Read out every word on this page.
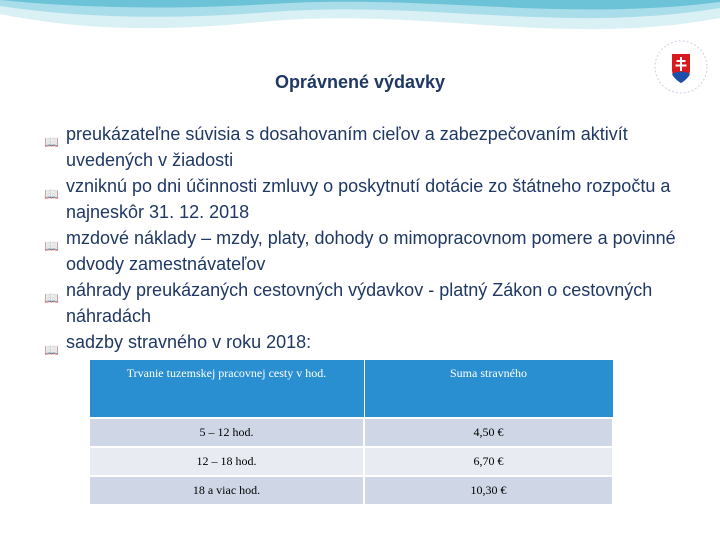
Oprávnené výdavky
📖 preukázateľne súvisia s dosahovaním cieľov a zabezpečovaním aktivít uvedených v žiadosti
📖 vzniknú po dni účinnosti zmluvy o poskytnutí dotácie zo štátneho rozpočtu a najneskôr 31. 12. 2018
📖 mzdové náklady – mzdy, platy, dohody o mimopracovnom pomere a povinné odvody zamestnávateľov
📖 náhrady preukázaných cestovných výdavkov - platný Zákon o cestovných náhradách
📖 sadzby stravného v roku 2018:
Trvanie tuzemskej pracovnej cesty v hod.	Suma stravného
5 – 12 hod.	4,50 €
12 – 18 hod.	6,70 €
18 a viac hod.	10,30 €
